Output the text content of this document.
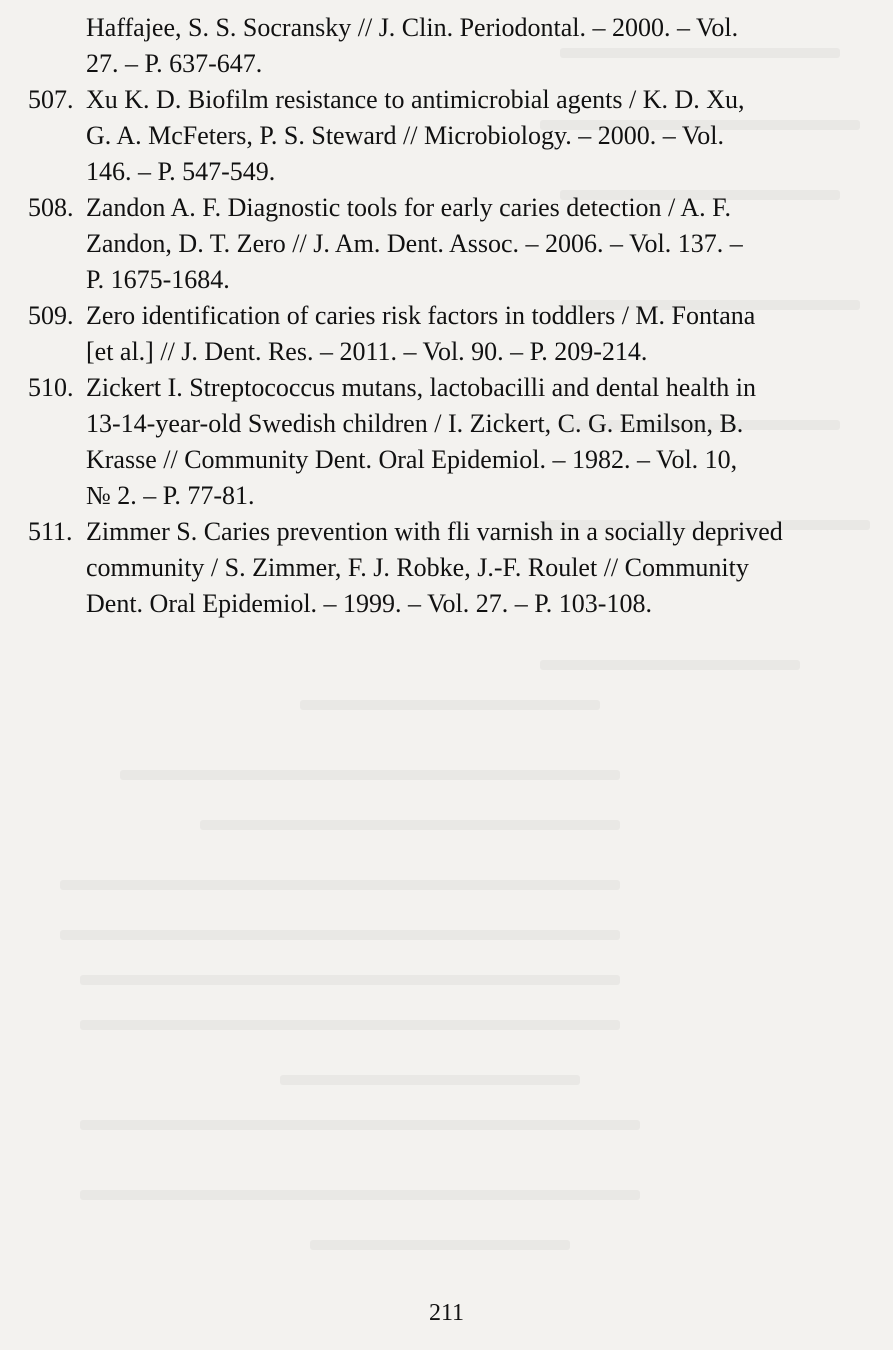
Haffajee, S. S. Socransky // J. Clin. Periodontal. – 2000. – Vol.
27. – P. 637-647.
507. Xu K. D. Biofilm resistance to antimicrobial agents / K. D. Xu,
G. A. McFeters, P. S. Steward // Microbiology. – 2000. – Vol.
146. – P. 547-549.
508. Zandon A. F. Diagnostic tools for early caries detection / A. F.
Zandon, D. T. Zero // J. Am. Dent. Assoc. – 2006. – Vol. 137. –
P. 1675-1684.
509. Zero identification of caries risk factors in toddlers / M. Fontana
[et al.] // J. Dent. Res. – 2011. – Vol. 90. – P. 209-214.
510. Zickert I. Streptococcus mutans, lactobacilli and dental health in
13-14-year-old Swedish children / I. Zickert, C. G. Emilson, B.
Krasse // Community Dent. Oral Epidemiol. – 1982. – Vol. 10,
№ 2. – P. 77-81.
511. Zimmer S. Caries prevention with fli varnish in a socially deprived
community / S. Zimmer, F. J. Robke, J.-F. Roulet // Community
Dent. Oral Epidemiol. – 1999. – Vol. 27. – P. 103-108.
211
